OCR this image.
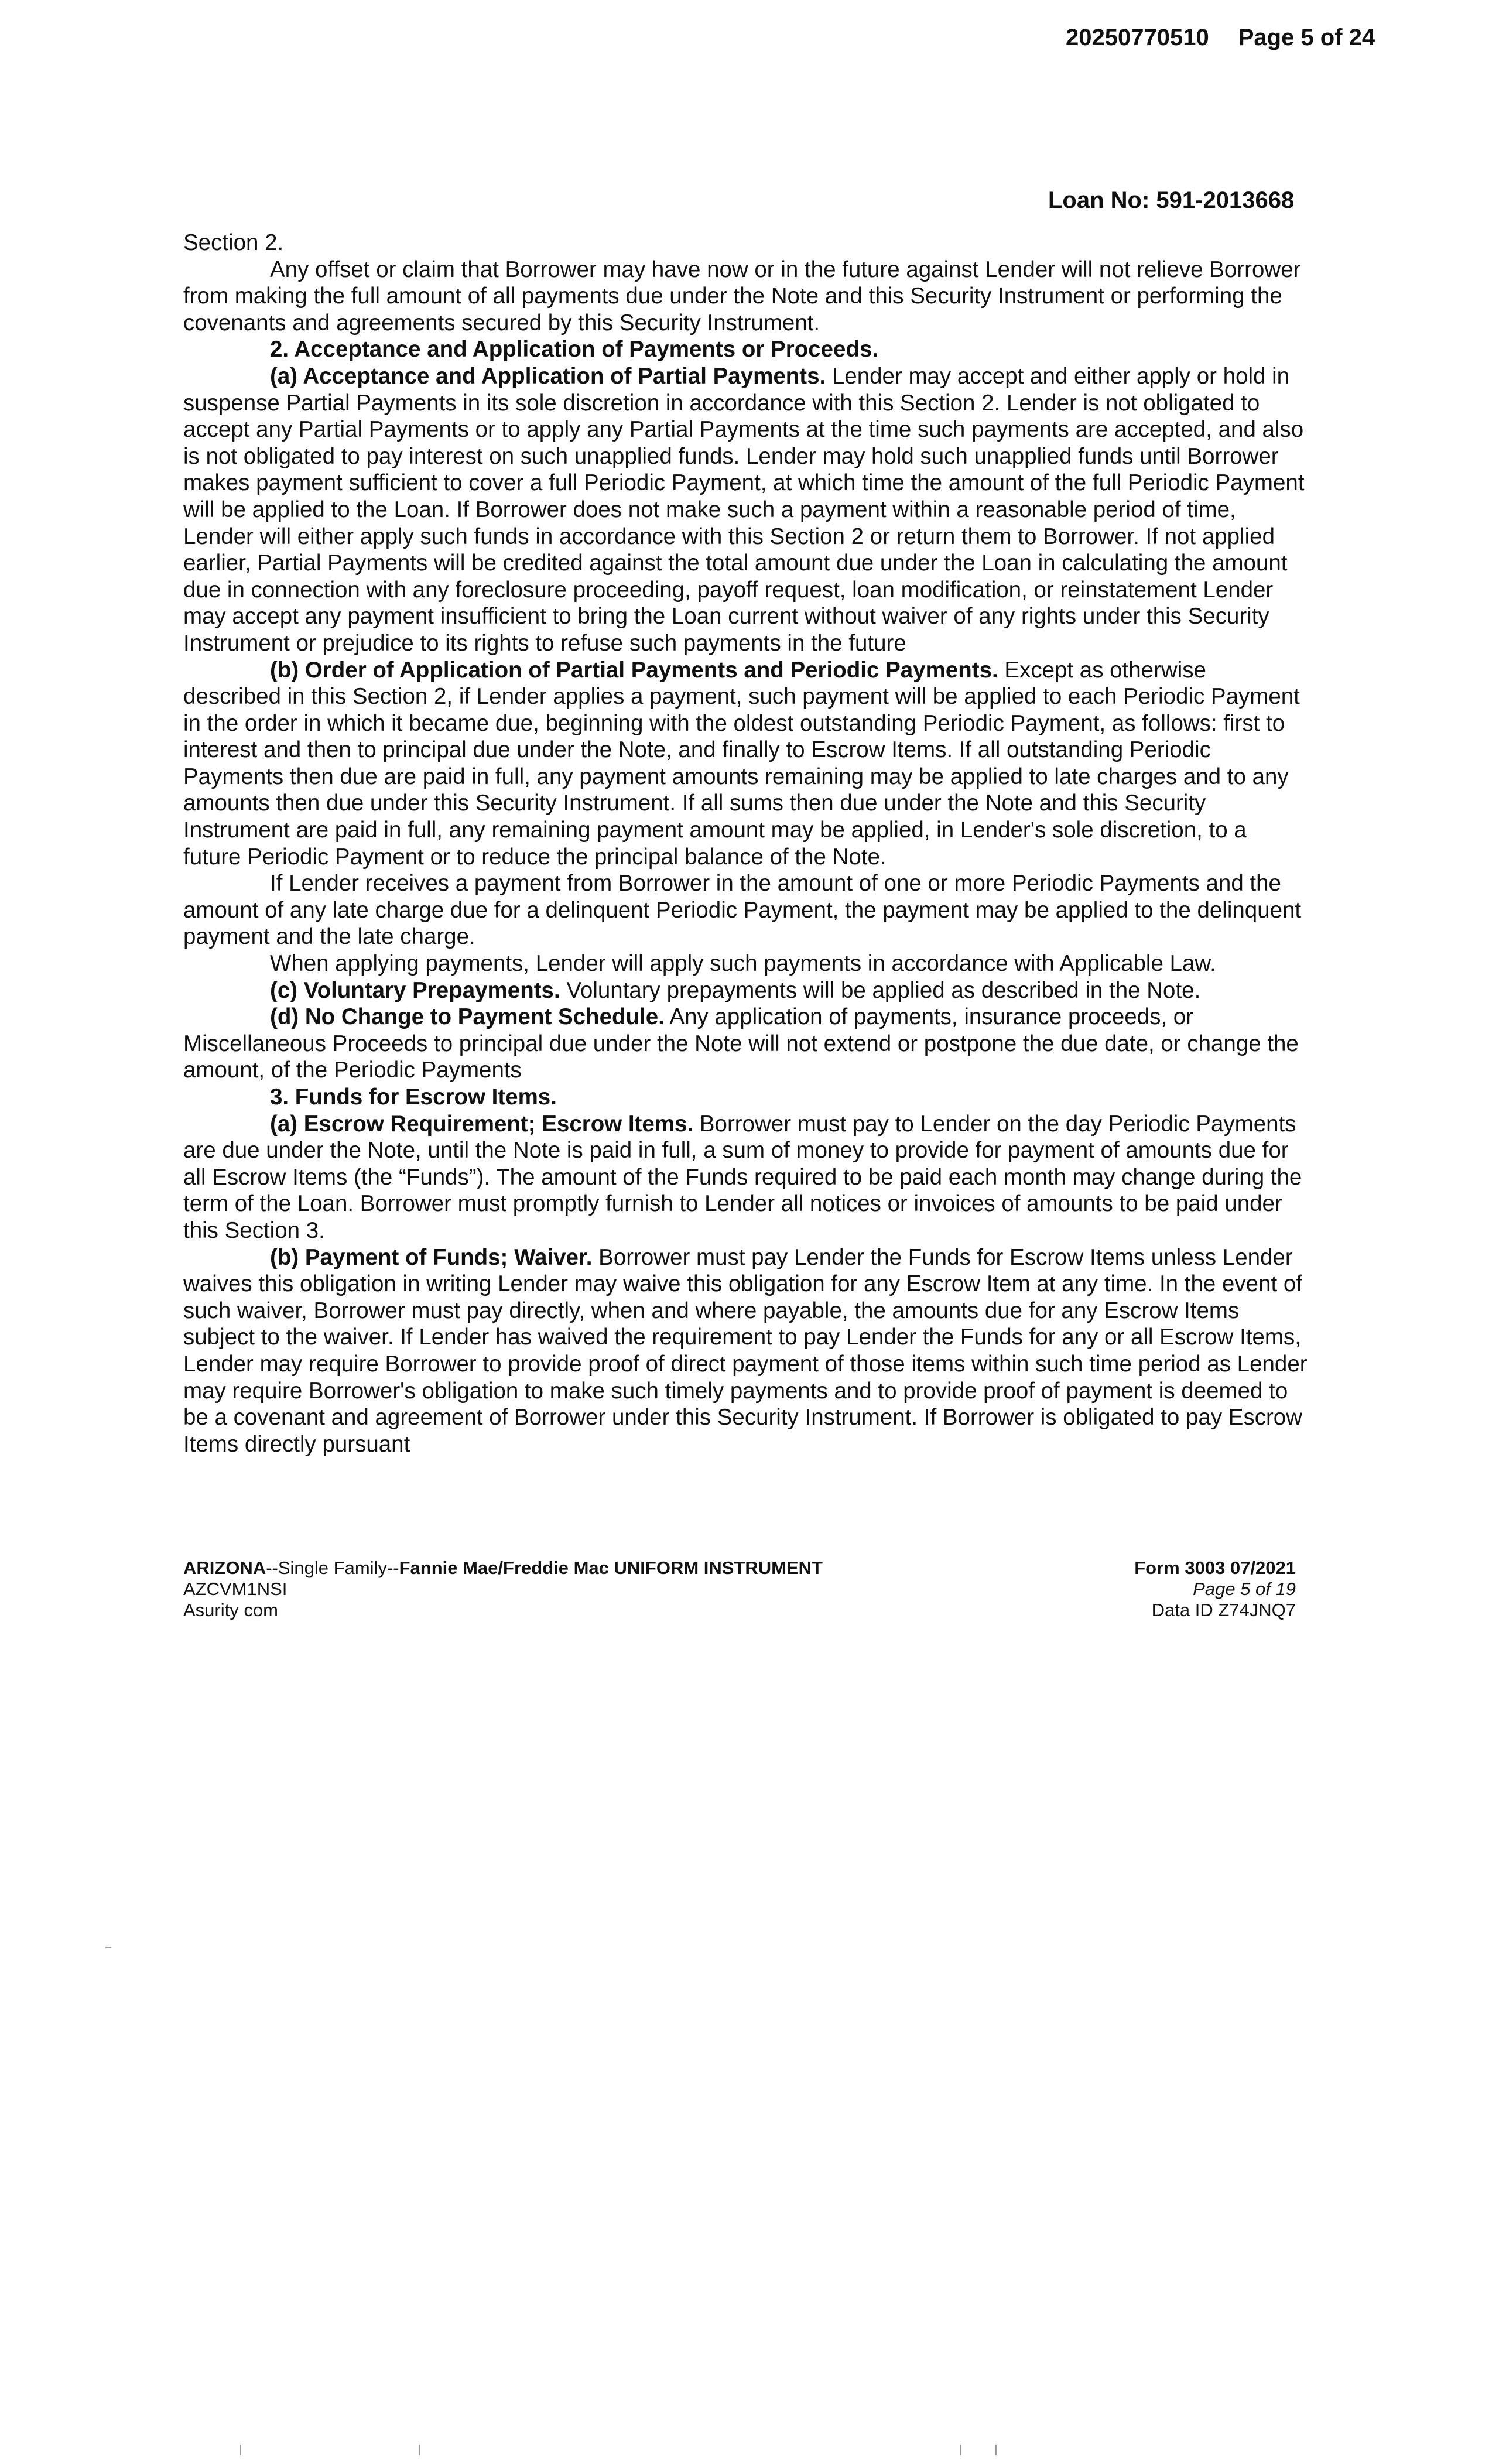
20250770510 Page 5 of 24
Loan No: 591-2013668

Section 2.

Any offset or claim that Borrower may have now or in the future against Lender will not relieve Borrower from making the full amount of all payments due under the Note and this Security Instrument or performing the covenants and agreements secured by this Security Instrument.

2. Acceptance and Application of Payments or Proceeds.

(a) Acceptance and Application of Partial Payments. Lender may accept and either apply or hold in suspense Partial Payments in its sole discretion in accordance with this Section 2. Lender is not obligated to accept any Partial Payments or to apply any Partial Payments at the time such payments are accepted, and also is not obligated to pay interest on such unapplied funds. Lender may hold such unapplied funds until Borrower makes payment sufficient to cover a full Periodic Payment, at which time the amount of the full Periodic Payment will be applied to the Loan. If Borrower does not make such a payment within a reasonable period of time, Lender will either apply such funds in accordance with this Section 2 or return them to Borrower. If not applied earlier, Partial Payments will be credited against the total amount due under the Loan in calculating the amount due in connection with any foreclosure proceeding, payoff request, loan modification, or reinstatement Lender may accept any payment insufficient to bring the Loan current without waiver of any rights under this Security Instrument or prejudice to its rights to refuse such payments in the future

(b) Order of Application of Partial Payments and Periodic Payments. Except as otherwise described in this Section 2, if Lender applies a payment, such payment will be applied to each Periodic Payment in the order in which it became due, beginning with the oldest outstanding Periodic Payment, as follows: first to interest and then to principal due under the Note, and finally to Escrow Items. If all outstanding Periodic Payments then due are paid in full, any payment amounts remaining may be applied to late charges and to any amounts then due under this Security Instrument. If all sums then due under the Note and this Security Instrument are paid in full, any remaining payment amount may be applied, in Lender's sole discretion, to a future Periodic Payment or to reduce the principal balance of the Note.

If Lender receives a payment from Borrower in the amount of one or more Periodic Payments and the amount of any late charge due for a delinquent Periodic Payment, the payment may be applied to the delinquent payment and the late charge.

When applying payments, Lender will apply such payments in accordance with Applicable Law.

(c) Voluntary Prepayments. Voluntary prepayments will be applied as described in the Note.

(d) No Change to Payment Schedule. Any application of payments, insurance proceeds, or Miscellaneous Proceeds to principal due under the Note will not extend or postpone the due date, or change the amount, of the Periodic Payments

3. Funds for Escrow Items.

(a) Escrow Requirement; Escrow Items. Borrower must pay to Lender on the day Periodic Payments are due under the Note, until the Note is paid in full, a sum of money to provide for payment of amounts due for all Escrow Items (the “Funds”). The amount of the Funds required to be paid each month may change during the term of the Loan. Borrower must promptly furnish to Lender all notices or invoices of amounts to be paid under this Section 3.

(b) Payment of Funds; Waiver. Borrower must pay Lender the Funds for Escrow Items unless Lender waives this obligation in writing Lender may waive this obligation for any Escrow Item at any time. In the event of such waiver, Borrower must pay directly, when and where payable, the amounts due for any Escrow Items subject to the waiver. If Lender has waived the requirement to pay Lender the Funds for any or all Escrow Items, Lender may require Borrower to provide proof of direct payment of those items within such time period as Lender may require Borrower's obligation to make such timely payments and to provide proof of payment is deemed to be a covenant and agreement of Borrower under this Security Instrument. If Borrower is obligated to pay Escrow Items directly pursuant

ARIZONA--Single Family--Fannie Mae/Freddie Mac UNIFORM INSTRUMENT
AZCVM1NSI
Asurity com
Form 3003 07/2021
Page 5 of 19
Data ID Z74JNQ7
